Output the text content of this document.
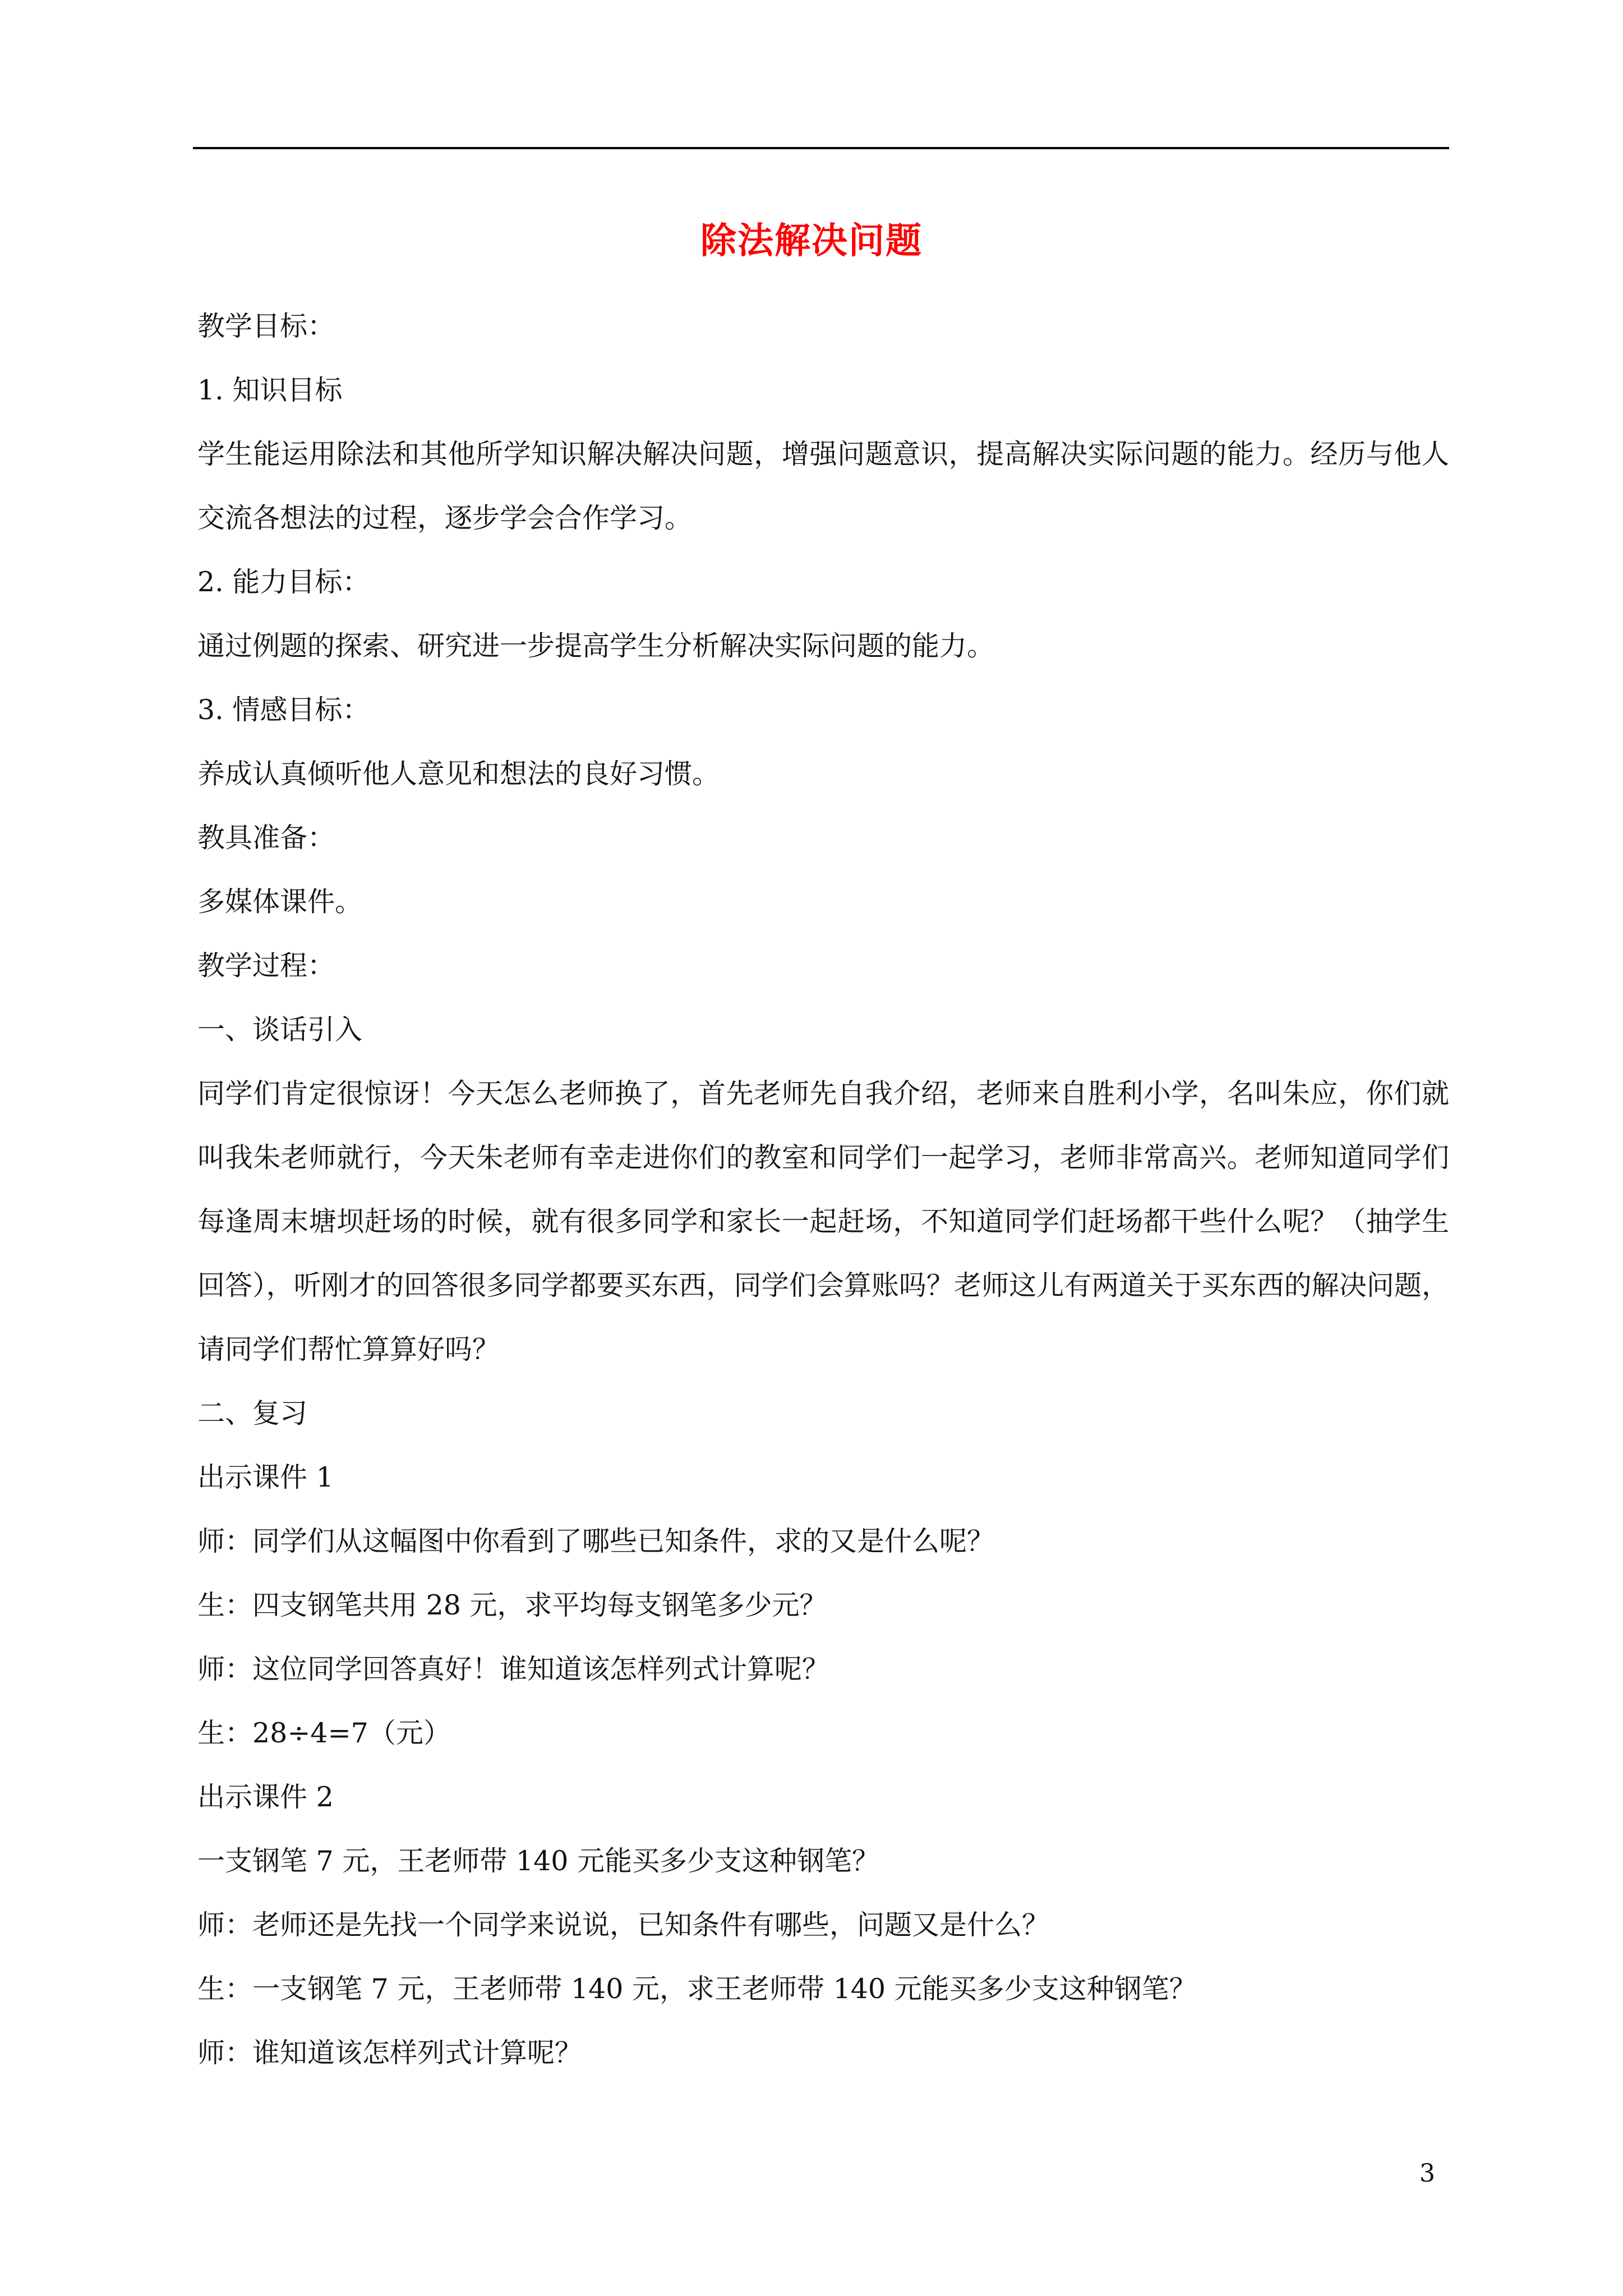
除法解决问题

教学目标：

1. 知识目标

学生能运用除法和其他所学知识解决解决问题，增强问题意识，提高解决实际问题的能力。经历与他人交流各想法的过程，逐步学会合作学习。

2. 能力目标：

通过例题的探索、研究进一步提高学生分析解决实际问题的能力。

3. 情感目标：

养成认真倾听他人意见和想法的良好习惯。

教具准备：

多媒体课件。

教学过程：

一、谈话引入

同学们肯定很惊讶！今天怎么老师换了，首先老师先自我介绍，老师来自胜利小学，名叫朱应，你们就叫我朱老师就行，今天朱老师有幸走进你们的教室和同学们一起学习，老师非常高兴。老师知道同学们每逢周末塘坝赶场的时候，就有很多同学和家长一起赶场，不知道同学们赶场都干些什么呢？（抽学生回答），听刚才的回答很多同学都要买东西，同学们会算账吗？老师这儿有两道关于买东西的解决问题，请同学们帮忙算算好吗？

二、复习

出示课件 1

师：同学们从这幅图中你看到了哪些已知条件，求的又是什么呢？

生：四支钢笔共用 28 元，求平均每支钢笔多少元？

师：这位同学回答真好！谁知道该怎样列式计算呢？

生：28÷4=7（元）

出示课件 2

一支钢笔 7 元，王老师带 140 元能买多少支这种钢笔？

师：老师还是先找一个同学来说说，已知条件有哪些，问题又是什么？

生：一支钢笔 7 元，王老师带 140 元，求王老师带 140 元能买多少支这种钢笔？

师：谁知道该怎样列式计算呢？

3
